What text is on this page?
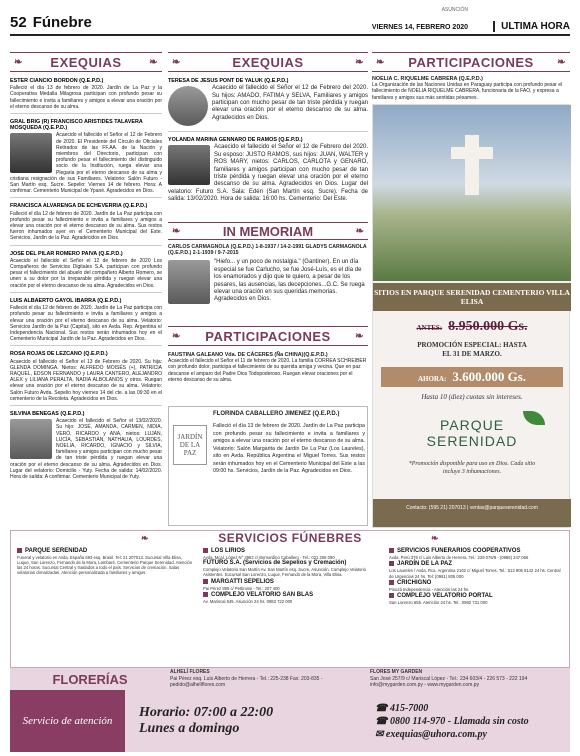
52 Fúnebre
ASUNCIÓN
VIERNES 14, FEBRERO 2020	ULTIMA HORA
❧ EXEQUIAS	❧
ESTER CIANCIO BORDON (Q.E.P.D.)

Falleció el día 13 de febrero de 2020. Jardín de La Paz y la Cooperativa Medalla Milagrosa participan con profundo pesar su fallecimiento e invita a familiares y amigos a elevar una oración por el eterno descanso de su alma.

GRAL BRIG (R) FRANCISCO ARISTIDES TALAVERA MOSQUEDA (Q.E.P.D.)

Acaecido el fallecido el Señor el 12 de Febrero de 2020. El Presidente del Círculo de Oficiales Retirados de las FF.AA. de la Nación y miembros del Directorio, participan con profundo pesar el fallecimiento del distinguido socio de la Institución, ruega elevar una Plegaria por el eterno descanso de su alma y cristiana resignación de sus Familiares. Velatorio: Salón Futuro - San Martín esq. Sucre. Sepelio: Viernes 14 de febrero. Hora: A confirmar. Cementerio Municipal de Ypané. Agradecidos en Dios.

FRANCISCA ALVARENGA DE ECHEVERRÍA (Q.E.P.D.)

Falleció el día 12 de febrero de 2020. Jardín de La Paz participa con profundo pesar su fallecimiento e invita a familiares y amigos a elevar una oración por el eterno descanso de su alma. Sus restos fueron inhumados ayer en el Cementerio Municipal del Este. Servicios, Jardín de la Paz. Agradecidos en Dios.

JOSÉ DEL PILAR ROMERO PAIVA (Q.E.P.D.)

Acaecido el fallecido el Señor el 12 de febrero de 2020 Los Compañeros de Servicios Digitales S.A. participan con profundo pesar el fallecimiento del abuelo del compañero Alberto Romero, se unen a su dolor por la irreparable pérdida y ruegan elevar una oración por el eterno descanso de su alma. Agradecidos en Dios.

LUIS ALBAERTO GAYOL IBARRA (Q.E.P.D.)

Falleció el día 12 de febrero de 2020. Jardín de La Paz participa con profundo pesar su fallecimiento e invita a familiares y amigos a elevar una oración por el eterno descanso de su alma. Velatorio: Servicios Jardín de la Paz (Capital), sito en Avda. Rep. Argentina e/ Independencia Nacional. Sus restos serán inhumados hoy en el Cementerio Municipal Jardín de la Paz. Agradecidos en Dios.

ROSA ROJAS DE LEZCANO (Q.E.P.D.)

Acaecido el fallecido el Señor el 13 de Febrero de 2020. Su hija: GLENDA DOMINGA. Nietos: ALFREDO MOISÉS (+), PATRICIA RAQUEL, EDSON FERNANDO y LAURA CANTERO, ALEJANDRO ALEX y LILIANA PERALTA, NADIA ALBOLANOS y otros. Ruegan elevar una oración por el eterno descanso de su alma. Velatorio: Salón Futuro Avda. Sepelio hoy viernes 14 del cte. a las 09:30 en el cementerio de la Recoleta. Agradecidos en Dios.

SILVINA BENEGAS (Q.E.P.D.)

Acaecido el fallecido el Señor el 13/02/2020. Su hijo: JOSÉ, AMANDA, CARMEN, NIDIA, VERÓ, RICARDO y ANA, nietos: LUJÁN, LUCÍA, SEBASTIÁN, NATHALIA, LOURDES, NOELIA, RICARDO, IGNACIO y SILVIA, familiares y amigos participan con mucho pesar de tan triste pérdida y ruegan elevar una oración por el eterno descanso de su alma. Agradecidos en Dios. Lugar del velatorio: Domicilio - Yuty. Fecha de salida: 14/02/2020. Hora de salida: A confirmar. Cementerio Municipal de Yuty.

❧	EXEQUIAS	❧
TERESA DE JESUS PONT DE YALUK (Q.E.P.D.)

Acaecido el fallecido el Señor el 12 de Febrero del 2020. Su hijos: AMADO, FATIMA y SELVA, Familiares y amigos participan con mucho pesar de tan triste pérdida y ruegan elevar una oración por el eterno descanso de su alma. Agradecidos en Dios.

YOLANDA MARINA GENNARO DE RAMOS (Q.E.P.D.)

Acaecido el fallecido el Señor el 12 de Febrero del 2020. Su esposo: JUSTO RAMOS, sus hijos: JUAN, WALTER y ROS MARY, nietos: CARLOS, CARLOTA y GENARO, familiares y amigos participan con mucho pesar de tan triste pérdida y ruegan elevar una oración por el eterno descanso de su alma. Agradecidos en Dios. Lugar del velatorio: Futuro S.A. Sala: Edén (San Martín esq. Sucre). Fecha de salida: 13/02/2020. Hora de salida: 16:00 hs. Cementerio: Del Este.

❧	IN MEMORIAM	❧
CARLOS CARMAGNOLA (Q.E.P.D.) 1-8-1937 / 14-2-1991 GLADYS CARMAGNOLA (Q.E.P.D.) 2-1-1939 / 9-7-2015

"Hiefo... y un poco de nostalgia." (Gantiner). En un día especial se fue Carlucho, se fue José-Luís, es el día de los enamorados y dijo que te quiero, a pesar de los pesares, las ausencias, las decepciones...G.C. Se ruega elevar una oración en sus queridas memorias. Agradecidos en Dios.

❧ PARTICIPACIONES ❧
FAUSTINA GALEANO Vda. DE CÁCERES (Ña CHINA)(Q.E.P.D.)

Acaecido el fallecido el Señor el 11 de febrero de 2020. La familia CORREA SCHREIBER con profundo dolor, participa el fallecimiento de su querida amiga y vecina. Que en paz descanse el amparo del Padre Dios Todopoderoso. Ruegan elevar oraciones por el eterno descanso de su alma.

JARDÍN DE LA PAZ
FLORINDA CABALLERO JIMENEZ (Q.E.P.D.)

Falleció el día 13 de febrero de 2020. Jardín de La Paz participa con profundo pesar su fallecimiento e invita a familiares y amigos a elevar una oración por el eterno descanso de su alma. Velatorio: Salón Margarita de Jardín De La Paz (Los Laureles), sito en Avda. República Argentina e/ Miguel Torres. Sus restos serán inhumados hoy en el Cementerio Municipal del Este a las 09:00 hs. Servicios, Jardín de la Paz. Agradecidos en Dios.

❧ PARTICIPACIONES ❧
NOELIA C. RIQUELME CABRERA (Q.E.P.D.)

La Organización de las Naciones Unidas en Paraguay participa con profundo pesar el fallecimiento de NOELIA RIQUELME CABRERA, funcionaria de la FAO, y expresa a familiares y amigos sus más sentidas pésames.

SITIOS EN PARQUE SERENIDAD CEMENTERIO VILLA ELISA
ANTES: 8.950.000 Gs.
PROMOCIÓN ESPECIAL: HASTA EL 31 DE MARZO.
AHORA: 3.600.000 Gs.
Hasta 10 (diez) cuotas sin intereses.
PARQUE
SERENIDAD
*Promoción disponible para uso en Dios. Cada sitio incluye 3 inhumaciones.
Contacto: (595 21) 207013 | ventas@parqueserenidad.com
❧	SERVICIOS FÚNEBRES	❧
PARQUE SERENIDAD

Funeral y velatorio en Avda. España 693 esq. Brasil. Tel: 21 207013. Sucursal Villa Elisa, Luque, San Lorenzo, Fernando de la Mora, Lambaré. Cementerio Parque Serenidad. Atención las 24 horas. Sucursal Central y traslados a todo el país. Servicios de cremación. Salas velatorias climatizadas. Atención personalizada a familiares y amigos.

LOS LIRIOS

Avda. Mcal. López N° 3962 c/ Bernardino Caballero - Tel.: 021 206 090

FUTURO S.A. (Servicios de Sepelios y Cremación)

Complejo Velatorio San Martín Av. San Martín esq. Sucre, Asunción. Complejo Velatorio Asistentes. Sucursal San Lorenzo, Luque, Fernando de la Mora, Villa Elisa.

MARGATTI SEPELIOS

Pai Pérez 895 c/ Pettirossi - Tel.: 207 400

COMPLEJO VELATORIO SAN BLAS

Av. Mariscal 645. Asunción 24 hs. 0983 722 000

SERVICIOS FUNERARIOS COOPERATIVOS

Avda. Perú 376 c/ Luis Alberto de Herrera. Tel.: 229 076/9 - (0986) 247 066

JARDÍN DE LA PAZ

Los Laureles / Avda. Rca. Argentina 2162 c/ Miguel Torres. Tel.: 613 905 6142 24 hs. Central de Urgencias 24 hs. Tel: (0981) 805 000.

CRICHIGNO

Pinozá Independencia - Atención las 24 hs.

COMPLEJO VELATORIO PORTAL

San Lorenzo 655. Atención 24 hs. Tel.: 0982 731 000

FLORERÍAS	ALHELÍ FLORES
Pai Pérez esq. Luis Alberto de Herrera - Tel.: 225-238 Fax: 203-835 - pedido@alhelíflores.com
FLORES MY GARDEN
San José 257/9 c/ Mariscal López - Tel.: 234 603/4 - 226 573 - 222 194 info@mygarden.com.py - www.mygarden.com.py
Servicio de atención
Horario: 07:00 a 22:00
Lunes a domingo
☎ 415-7000
☎ 0800 114-970 - Llamada sin costo
✉ exequias@uhora.com.py
